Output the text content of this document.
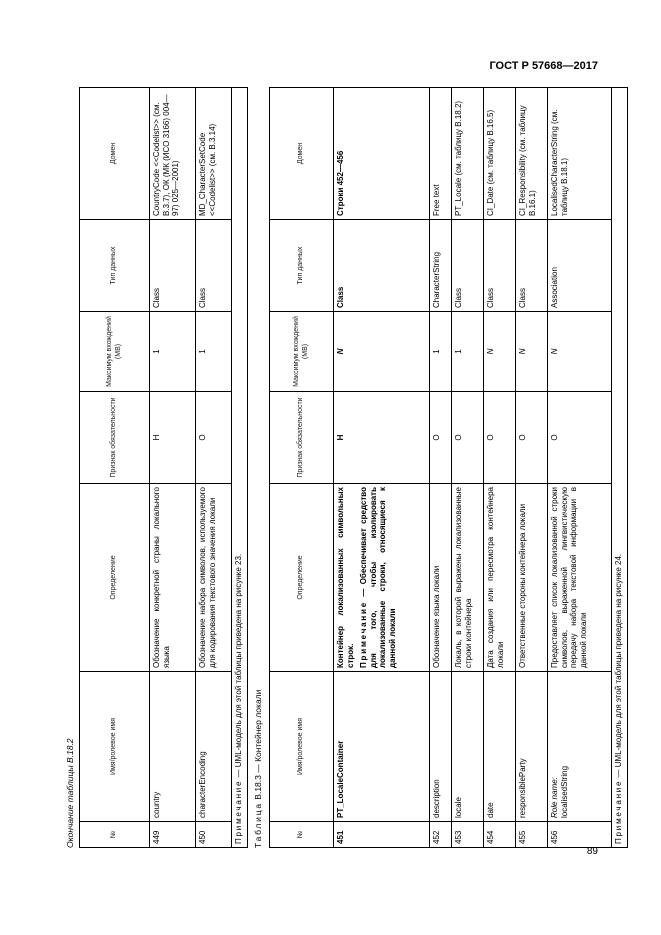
ГОСТ Р 57668—2017
Окончание таблицы В.18.2	№	Имя/ролевое имя	Определение	Признак обязательности	Максимум вхождений (MB)	Тип данных	Домен
449	country	Обозначение конкретной страны локального языка	Н	1	Class	CountryCode <<Codelist>> (см. В.3.7), ОК (МК (ИСО 3166) 004—97) 025—2001)
450	characterEncoding	Обозначение набора символов, используемого для кодирования текстового значения локали	О	1	Class	MD_CharacterSetCode <<Codelist>> (см. В.3.14)
Примечание — UML-модель для этой таблицы приведена на рисунке 23.						
Таблица В.18.3 — Контейнер локали
№	Имя/ролевое имя	Определение	Признак обязательности	Максимум вхождений (MB)	Тип данных	Домен
451	PT_LocaleContainer	Контейнер локализованных символьных строк. Примечание — Обеспечивает средство для того, чтобы изолировать локализованные строки, относящиеся к данной локали	Н	N	Class	Строки 452—456
452	description	Обозначение языка локали	О	1	CharacterString	Free text
453	locale	Локаль, в которой выражены локализованные строки контейнера	О	1	Class	PT_Locale (см. таблицу В.18.2)
454	date	Дата создания или пересмотра контейнера локали	О	N	Class	CI_Date (см. таблицу В.16.5)
455	responsibleParty	Ответственные стороны контейнера локали	О	N	Class	CI_Responsibility (см. таблицу В.16.1)
456	Role name: localisedString	Предоставляет список локализованной строки символов, выраженной лингвистическую передачу набора текстовой информации в данной локали	О	N	Association	LocalisedCharacterString (см. таблицу В.18.1)
Примечание — UML-модель для этой таблицы приведена на рисунке 24.						
89
